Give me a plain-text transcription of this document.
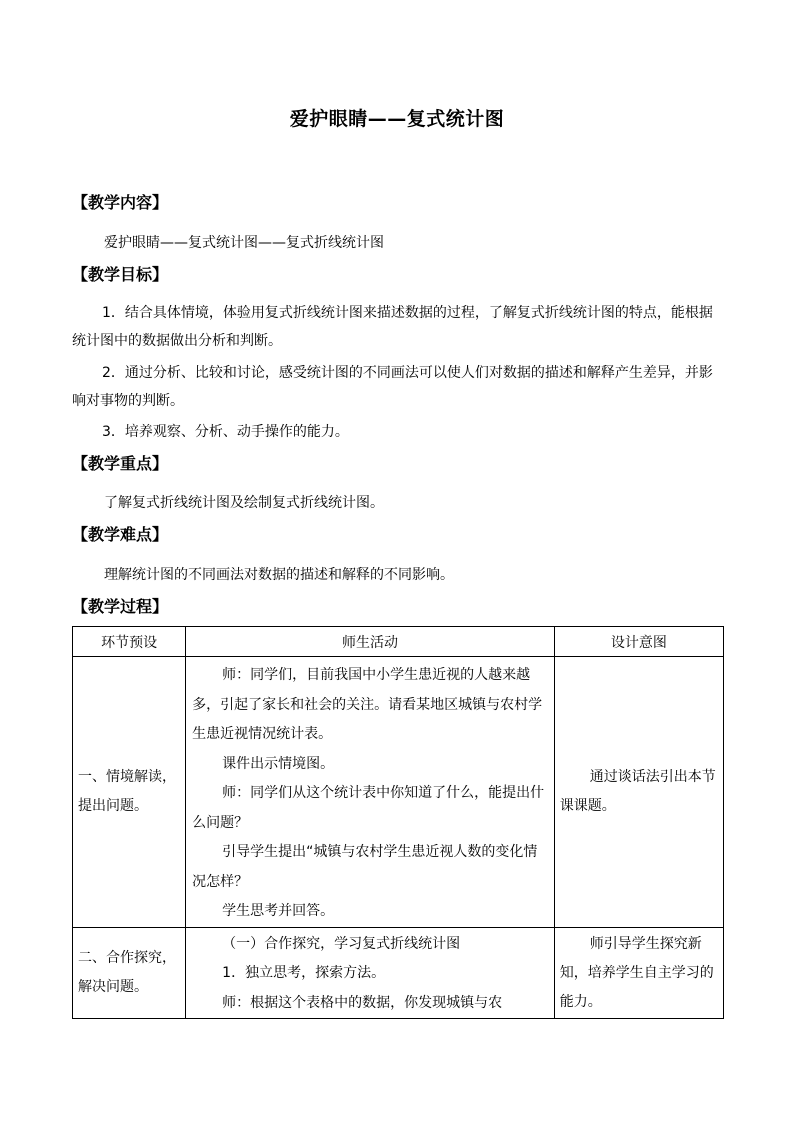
爱护眼睛——复式统计图
【教学内容】
爱护眼睛——复式统计图——复式折线统计图
【教学目标】
1．结合具体情境，体验用复式折线统计图来描述数据的过程，了解复式折线统计图的特点，能根据统计图中的数据做出分析和判断。
2．通过分析、比较和讨论，感受统计图的不同画法可以使人们对数据的描述和解释产生差异，并影响对事物的判断。
3．培养观察、分析、动手操作的能力。
【教学重点】
了解复式折线统计图及绘制复式折线统计图。
【教学难点】
理解统计图的不同画法对数据的描述和解释的不同影响。
【教学过程】
环节预设	师生活动	设计意图
一、情境解读，提出问题。	师：同学们，目前我国中小学生患近视的人越来越多，引起了家长和社会的关注。请看某地区城镇与农村学生患近视情况统计表。

课件出示情境图。

师：同学们从这个统计表中你知道了什么，能提出什么问题？

引导学生提出“城镇与农村学生患近视人数的变化情况怎样？

学生思考并回答。	通过谈话法引出本节课课题。

二、合作探究，解决问题。	（一）合作探究，学习复式折线统计图

1．独立思考，探索方法。

师：根据这个表格中的数据，你发现城镇与农	师引导学生探究新知，培养学生自主学习的能力。
